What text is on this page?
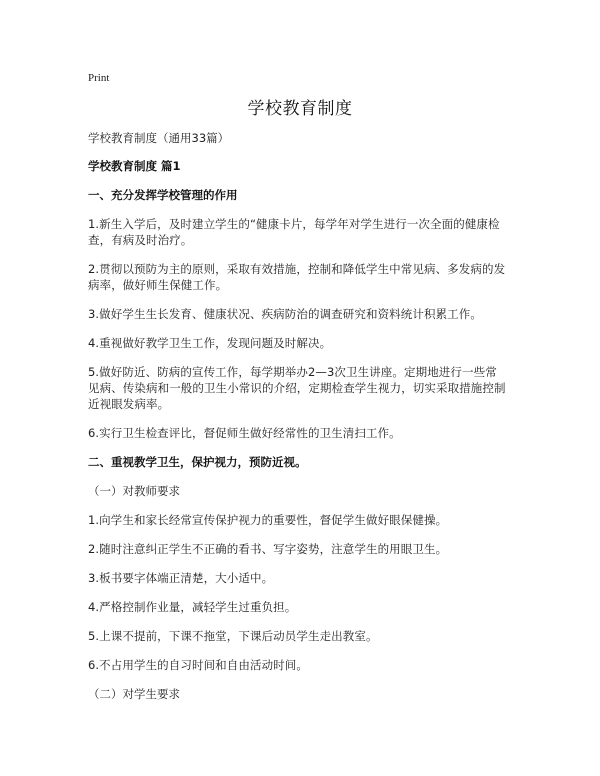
Print
学校教育制度
学校教育制度（通用33篇）
学校教育制度 篇1
一、充分发挥学校管理的作用
1.新生入学后，及时建立学生的“健康卡片，每学年对学生进行一次全面的健康检查，有病及时治疗。
2.贯彻以预防为主的原则，采取有效措施，控制和降低学生中常见病、多发病的发病率，做好师生保健工作。
3.做好学生生长发育、健康状况、疾病防治的调查研究和资料统计积累工作。
4.重视做好教学卫生工作，发现问题及时解决。
5.做好防近、防病的宣传工作，每学期举办2—3次卫生讲座。定期地进行一些常见病、传染病和一般的卫生小常识的介绍，定期检查学生视力，切实采取措施控制近视眼发病率。
6.实行卫生检查评比，督促师生做好经常性的卫生清扫工作。
二、重视教学卫生，保护视力，预防近视。
（一）对教师要求
1.向学生和家长经常宣传保护视力的重要性，督促学生做好眼保健操。
2.随时注意纠正学生不正确的看书、写字姿势，注意学生的用眼卫生。
3.板书要字体端正清楚，大小适中。
4.严格控制作业量，减轻学生过重负担。
5.上课不提前，下课不拖堂，下课后动员学生走出教室。
6.不占用学生的自习时间和自由活动时间。
（二）对学生要求
